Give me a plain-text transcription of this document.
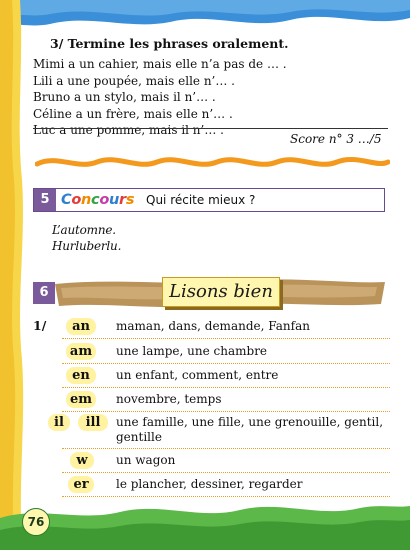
3/ Termine les phrases oralement.
Mimi a un cahier, mais elle n’a pas de … .
Lili a une poupée, mais elle n’… .
Bruno a un stylo, mais il n’… .
Céline a un frère, mais elle n’… .
Luc a une pomme, mais il n’… .
Score n° 3 …/5
5 Concours Qui récite mieux ?
L’automne.
Hurluberlu.
6	Lisons bien
1/	an	maman, dans, demande, Fanfan
am	une lampe, une chambre
en	un enfant, comment, entre
em	novembre, temps
il	ill	une famille, une fille, une grenouille, gentil, gentille
w	un wagon
er	le plancher, dessiner, regarder
76
